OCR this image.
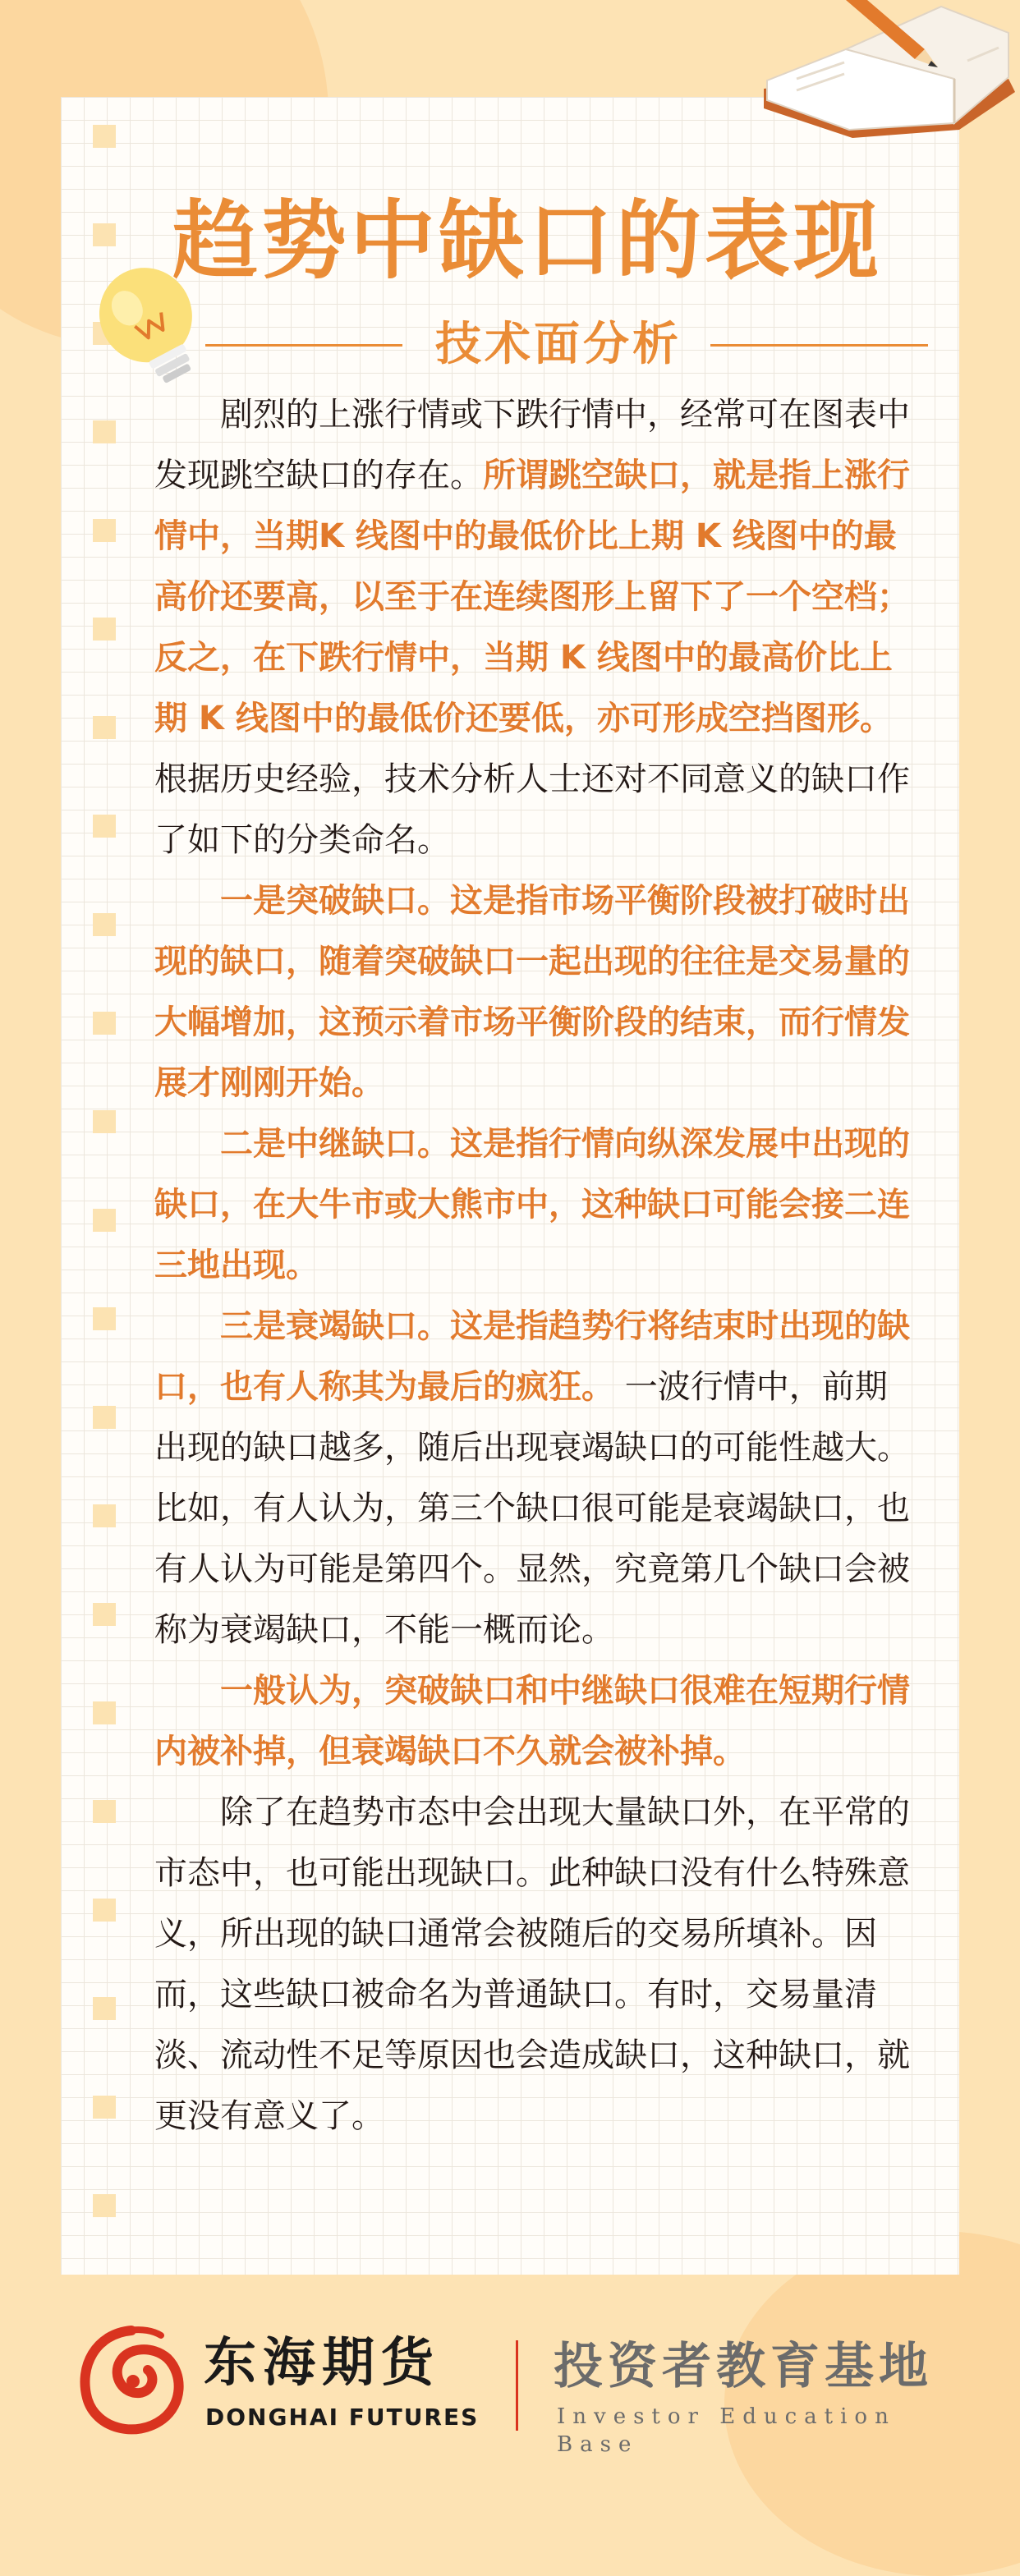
趋势中缺口的表现
技术面分析

剧烈的上涨行情或下跌行情中，经常可在图表中发现跳空缺口的存在。所谓跳空缺口，就是指上涨行情中，当期K 线图中的最低价比上期 K 线图中的最高价还要高，以至于在连续图形上留下了一个空档；反之，在下跌行情中，当期 K 线图中的最高价比上期 K 线图中的最低价还要低，亦可形成空挡图形。根据历史经验，技术分析人士还对不同意义的缺口作了如下的分类命名。

一是突破缺口。这是指市场平衡阶段被打破时出现的缺口，随着突破缺口一起出现的往往是交易量的大幅增加，这预示着市场平衡阶段的结束，而行情发展才刚刚开始。

二是中继缺口。这是指行情向纵深发展中出现的缺口，在大牛市或大熊市中，这种缺口可能会接二连三地出现。

三是衰竭缺口。这是指趋势行将结束时出现的缺口，也有人称其为最后的疯狂。 一波行情中，前期出现的缺口越多，随后出现衰竭缺口的可能性越大。比如，有人认为，第三个缺口很可能是衰竭缺口，也有人认为可能是第四个。显然，究竟第几个缺口会被称为衰竭缺口，不能一概而论。

一般认为，突破缺口和中继缺口很难在短期行情内被补掉，但衰竭缺口不久就会被补掉。

除了在趋势市态中会出现大量缺口外，在平常的市态中，也可能出现缺口。此种缺口没有什么特殊意义，所出现的缺口通常会被随后的交易所填补。因而，这些缺口被命名为普通缺口。有时，交易量清淡、流动性不足等原因也会造成缺口，这种缺口，就更没有意义了。

东海期货
DONGHAI FUTURES
投资者教育基地
Investor Education Base
